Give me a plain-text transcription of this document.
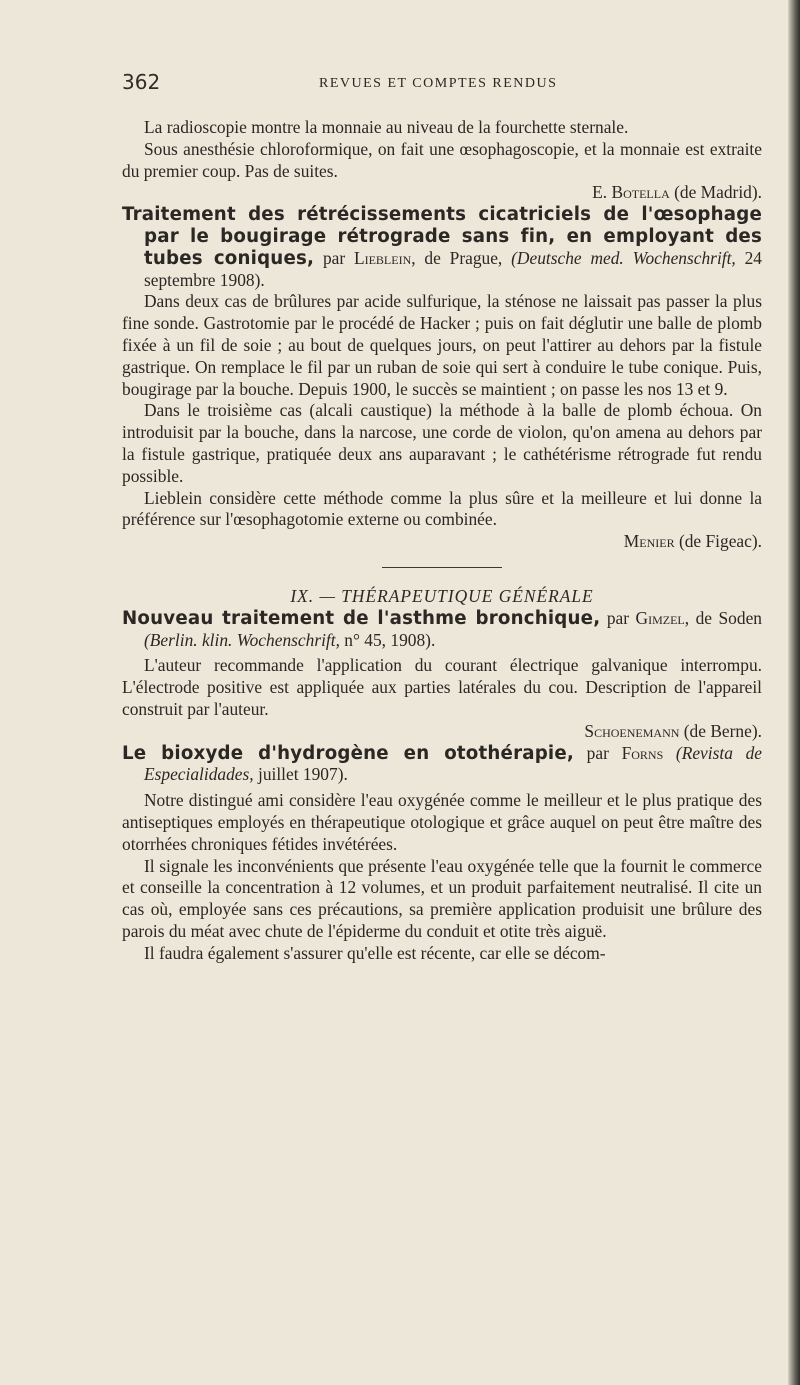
362	REVUES ET COMPTES RENDUS

La radioscopie montre la monnaie au niveau de la fourchette sternale.

Sous anesthésie chloroformique, on fait une œsophagoscopie, et la monnaie est extraite du premier coup. Pas de suites.

E. Botella (de Madrid).

Traitement des rétrécissements cicatriciels de l'œsophage par le bougirage rétrograde sans fin, en employant des tubes coniques, par Lieblein, de Prague, (Deutsche med. Wochenschrift, 24 septembre 1908).

Dans deux cas de brûlures par acide sulfurique, la sténose ne laissait pas passer la plus fine sonde. Gastrotomie par le procédé de Hacker ; puis on fait déglutir une balle de plomb fixée à un fil de soie ; au bout de quelques jours, on peut l'attirer au dehors par la fistule gastrique. On remplace le fil par un ruban de soie qui sert à conduire le tube conique. Puis, bougirage par la bouche. Depuis 1900, le succès se maintient ; on passe les nos 13 et 9.

Dans le troisième cas (alcali caustique) la méthode à la balle de plomb échoua. On introduisit par la bouche, dans la narcose, une corde de violon, qu'on amena au dehors par la fistule gastrique, pratiquée deux ans auparavant ; le cathétérisme rétrograde fut rendu possible.

Lieblein considère cette méthode comme la plus sûre et la meilleure et lui donne la préférence sur l'œsophagotomie externe ou combinée.

Menier (de Figeac).

IX. — THÉRAPEUTIQUE GÉNÉRALE

Nouveau traitement de l'asthme bronchique, par Gimzel, de Soden (Berlin. klin. Wochenschrift, n° 45, 1908).

L'auteur recommande l'application du courant électrique galvanique interrompu. L'électrode positive est appliquée aux parties latérales du cou. Description de l'appareil construit par l'auteur.

Schoenemann (de Berne).

Le bioxyde d'hydrogène en otothérapie, par Forns (Revista de Especialidades, juillet 1907).

Notre distingué ami considère l'eau oxygénée comme le meilleur et le plus pratique des antiseptiques employés en thérapeutique otologique et grâce auquel on peut être maître des otorrhées chroniques fétides invétérées.

Il signale les inconvénients que présente l'eau oxygénée telle que la fournit le commerce et conseille la concentration à 12 volumes, et un produit parfaitement neutralisé. Il cite un cas où, employée sans ces précautions, sa première application produisit une brûlure des parois du méat avec chute de l'épiderme du conduit et otite très aiguë.

Il faudra également s'assurer qu'elle est récente, car elle se décom-
